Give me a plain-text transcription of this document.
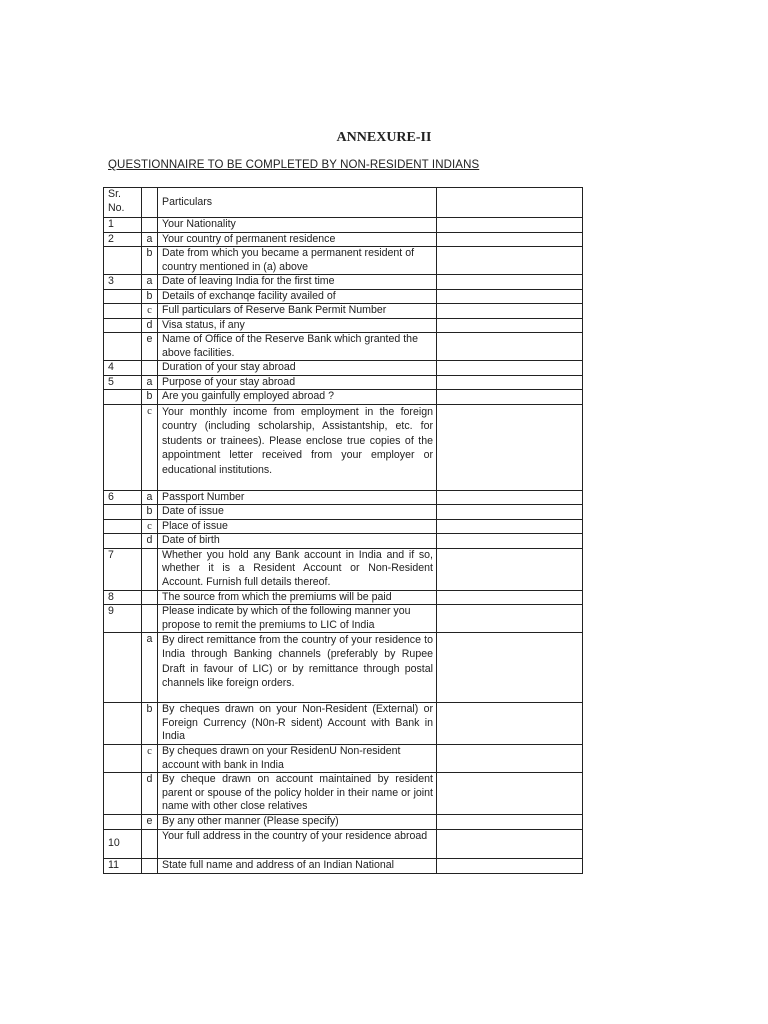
ANNEXURE-II
QUESTIONNAIRE TO BE COMPLETED BY NON-RESIDENT INDIANS
Sr. No.		Particulars	
1		Your Nationality	
2	a	Your country of permanent residence	
	b	Date from which you became a permanent resident of country mentioned in (a) above	
3	a	Date of leaving India for the first time	
	b	Details of exchanqe facility availed of	
	c	Full particulars of Reserve Bank Permit Number	
	d	Visa status, if any	
	e	Name of Office of the Reserve Bank which granted the above facilities.	
4		Duration of your stay abroad	
5	a	Purpose of your stay abroad	
	b	Are you gainfully employed abroad ?	
	c	Your monthly income from employment in the foreign country (including scholarship, Assistantship, etc. for students or trainees). Please enclose true copies of the appointment letter received from your employer or educational institutions.	
6	a	Passport Number	
	b	Date of issue	
	c	Place of issue	
	d	Date of birth	
7		Whether you hold any Bank account in India and if so, whether it is a Resident Account or Non-Resident Account. Furnish full details thereof.	
8		The source from which the premiums will be paid	
9		Please indicate by which of the following manner you propose to remit the premiums to LIC of India	
	a	By direct remittance from the country of your residence to India through Banking channels (preferably by Rupee Draft in favour of LIC) or by remittance through postal channels like foreign orders.	
	b	By cheques drawn on your Non-Resident (External) or Foreign Currency (N0n-R sident) Account with Bank in India	
	c	By cheques drawn on your ResidenU Non-resident account with bank in India	
	d	By cheque drawn on account maintained by resident parent or spouse of the policy holder in their name or joint name with other close relatives	
	e	By any other manner (Please specify)	
10		Your full address in the country of your residence abroad	
11		State full name and address of an Indian National	
